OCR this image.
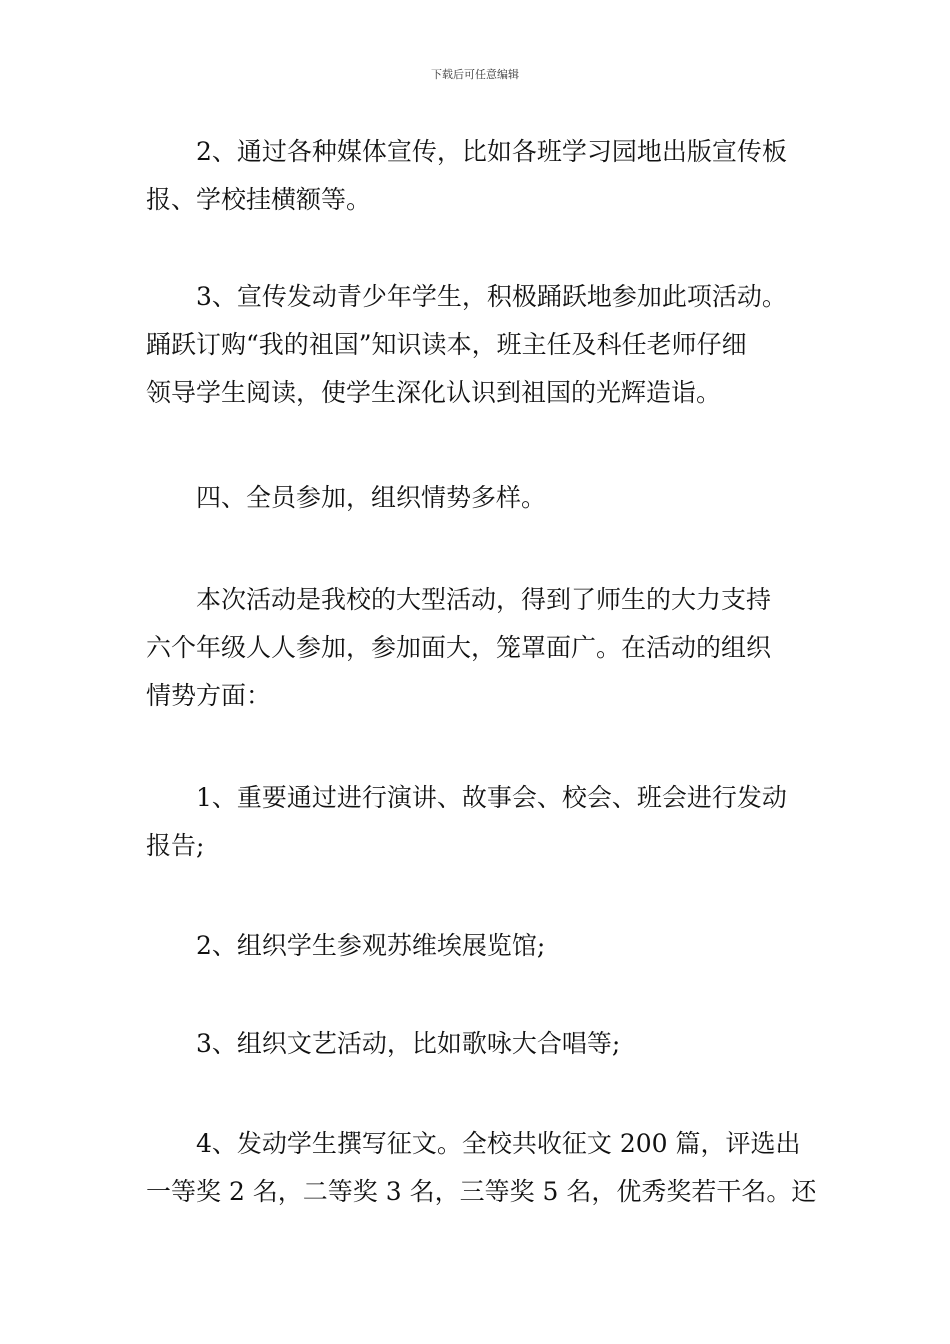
下载后可任意编辑
2、通过各种媒体宣传，比如各班学习园地出版宣传板
报、学校挂横额等。
3、宣传发动青少年学生，积极踊跃地参加此项活动。
踊跃订购“我的祖国”知识读本，班主任及科任老师仔细
领导学生阅读，使学生深化认识到祖国的光辉造诣。
四、全员参加，组织情势多样。
本次活动是我校的大型活动，得到了师生的大力支持
六个年级人人参加，参加面大，笼罩面广。在活动的组织
情势方面：
1、重要通过进行演讲、故事会、校会、班会进行发动
报告;
2、组织学生参观苏维埃展览馆;
3、组织文艺活动，比如歌咏大合唱等;
4、发动学生撰写征文。全校共收征文 200 篇，评选出
一等奖 2 名，二等奖 3 名，三等奖 5 名，优秀奖若干名。还
